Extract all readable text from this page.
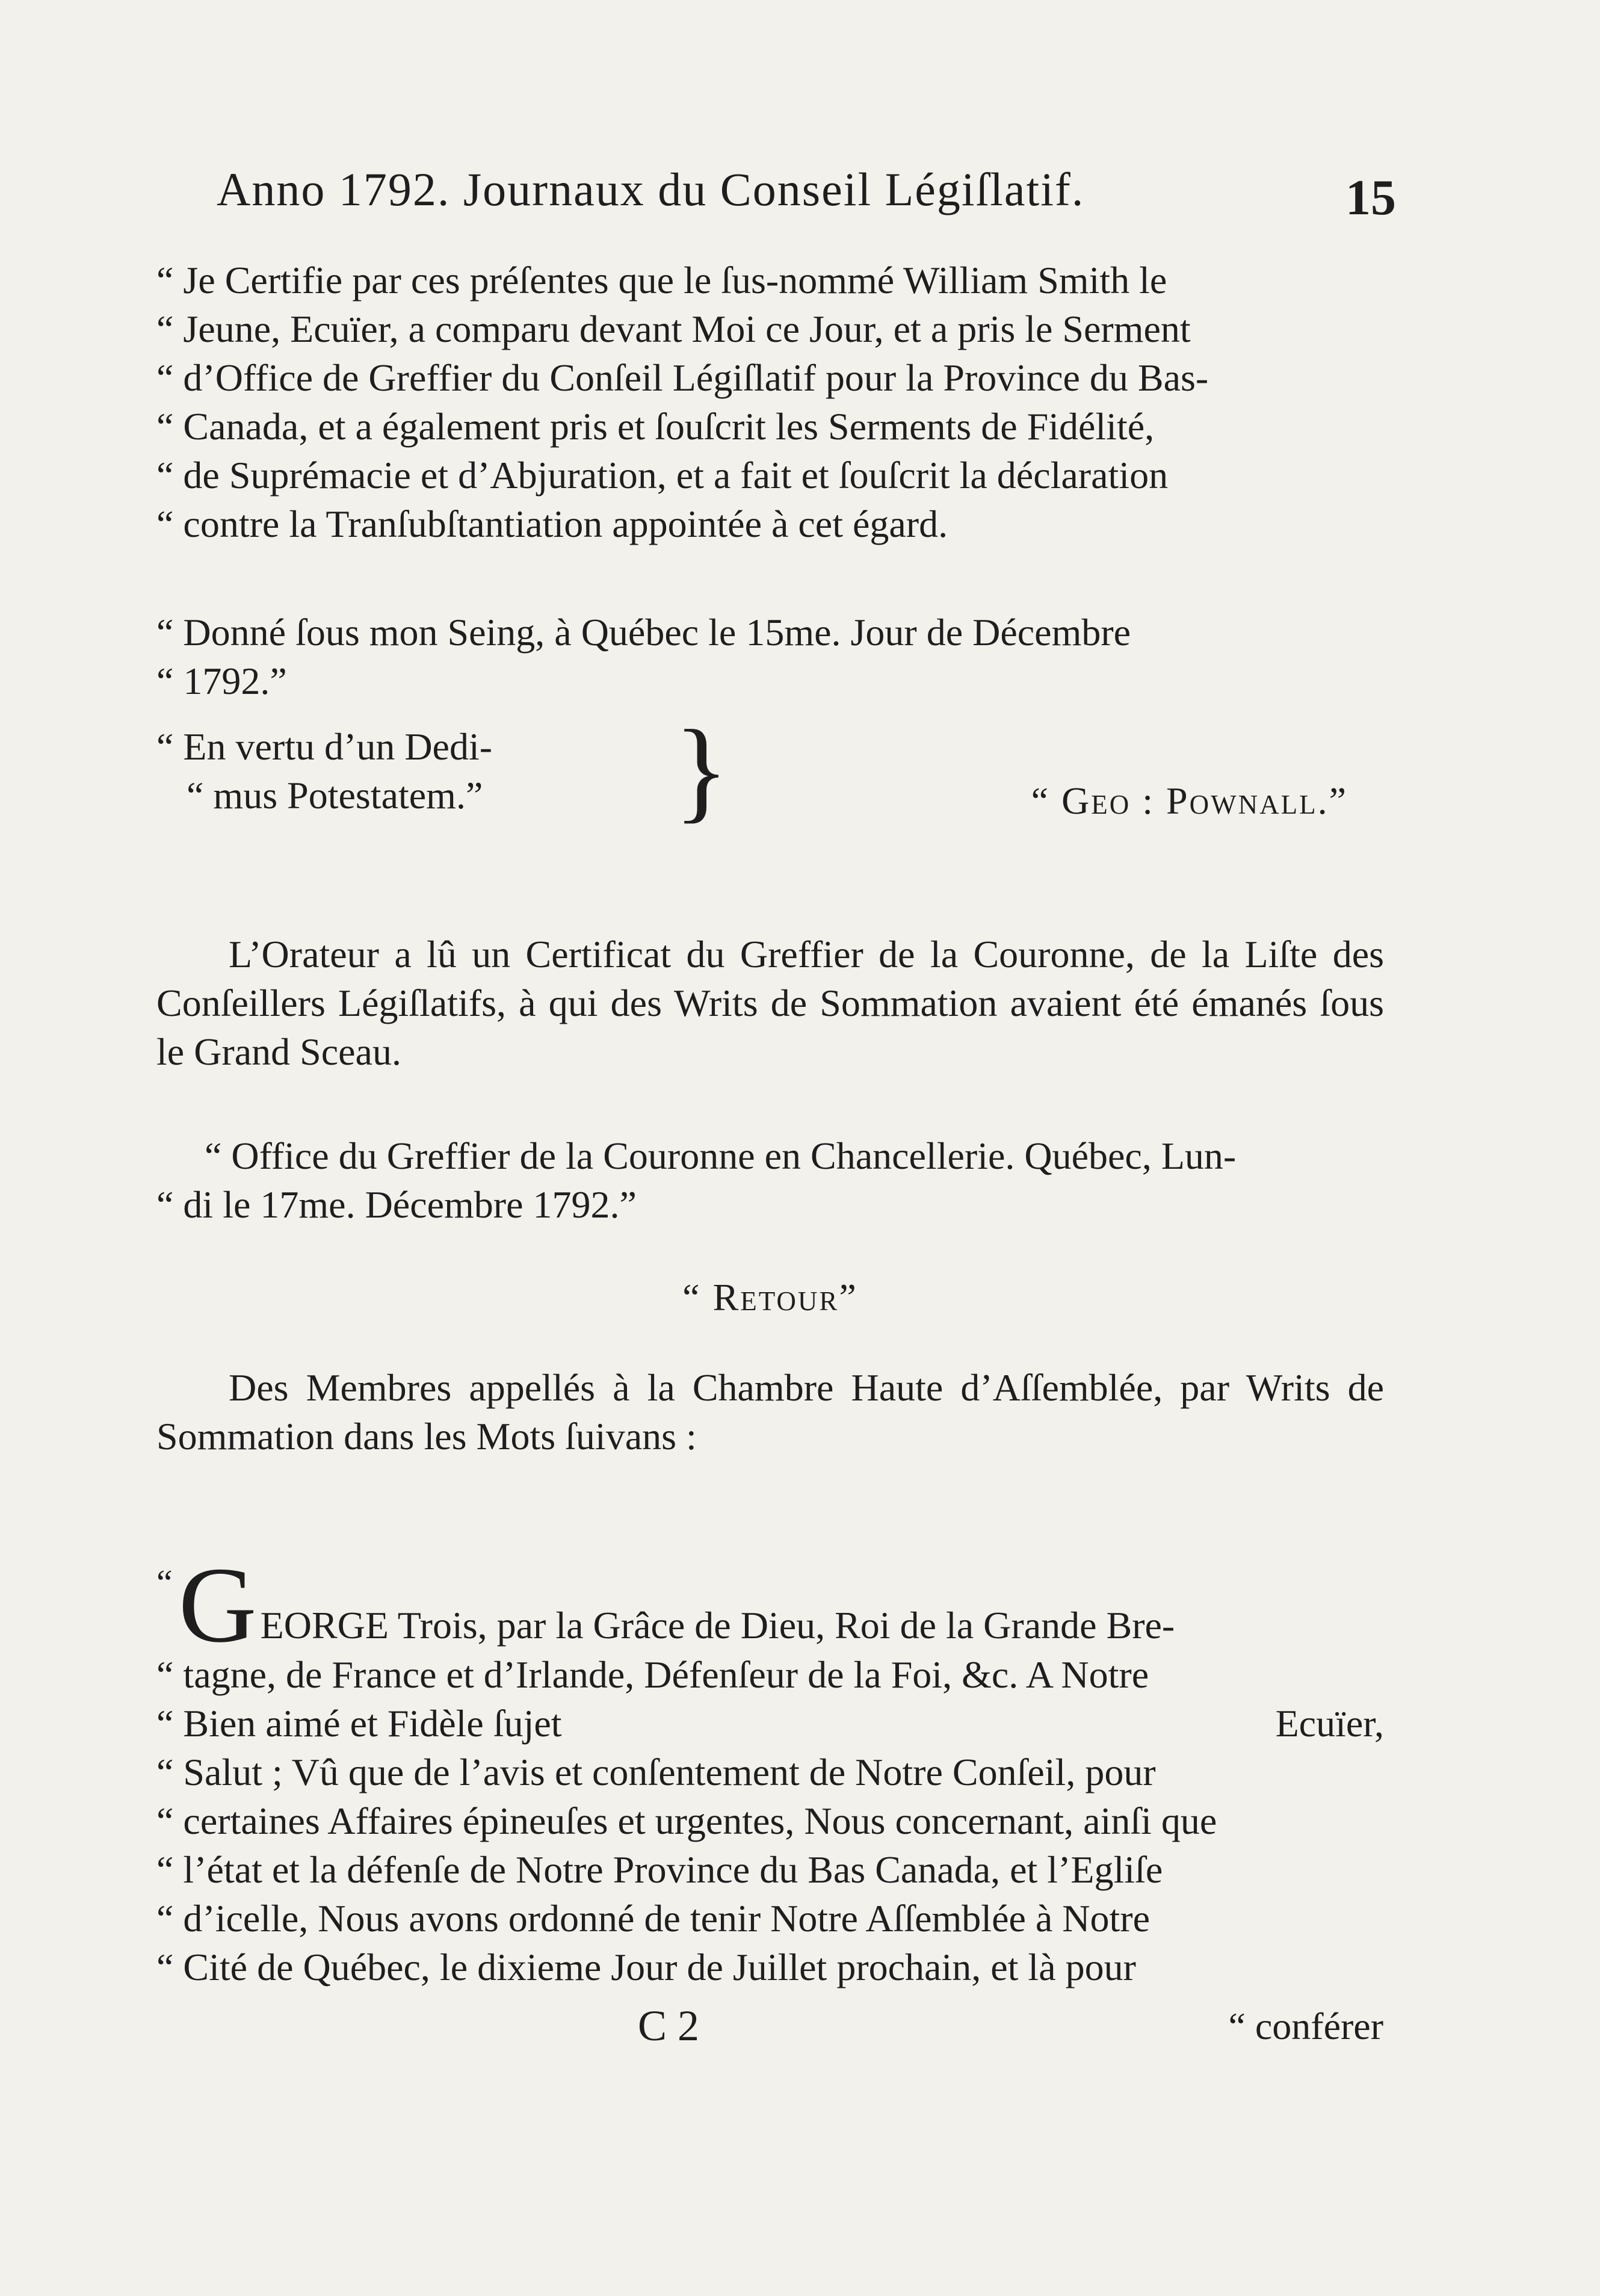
Anno 1792. Journaux du Conseil Légiſlatif.	15
“ Je Certifie par ces préſentes que le ſus-nommé William Smith le
“ Jeune, Ecuïer, a comparu devant Moi ce Jour, et a pris le Serment
“ d’Office de Greffier du Conſeil Légiſlatif pour la Province du Bas-
“ Canada, et a également pris et ſouſcrit les Serments de Fidélité,
“ de Suprémacie et d’Abjuration, et a fait et ſouſcrit la déclaration
“ contre la Tranſubſtantiation appointée à cet égard.
“ Donné ſous mon Seing, à Québec le 15me. Jour de Décembre
“ 1792.”
“ En vertu d’un Dedi-
“ mus Potestatem.” }	“ Geo : Pownall.”
L’Orateur a lû un Certificat du Greffier de la Couronne, de la Liſte des Conſeillers Légiſlatifs, à qui des Writs de Sommation avaient été émanés ſous le Grand Sceau.
“ Office du Greffier de la Couronne en Chancellerie. Québec, Lun-
“ di le 17me. Décembre 1792.”
“ Retour”
Des Membres appellés à la Chambre Haute d’Aſſemblée, par Writs de Sommation dans les Mots ſuivans :
“ G EORGE Trois, par la Grâce de Dieu, Roi de la Grande Bre-
“ tagne, de France et d’Irlande, Défenſeur de la Foi, &c. A Notre
“ Bien aimé et Fidèle ſujet	Ecuïer,
“ Salut ; Vû que de l’avis et conſentement de Notre Conſeil, pour
“ certaines Affaires épineuſes et urgentes, Nous concernant, ainſi que
“ l’état et la défenſe de Notre Province du Bas Canada, et l’Egliſe
“ d’icelle, Nous avons ordonné de tenir Notre Aſſemblée à Notre
“ Cité de Québec, le dixieme Jour de Juillet prochain, et là pour
C 2	“ conférer
